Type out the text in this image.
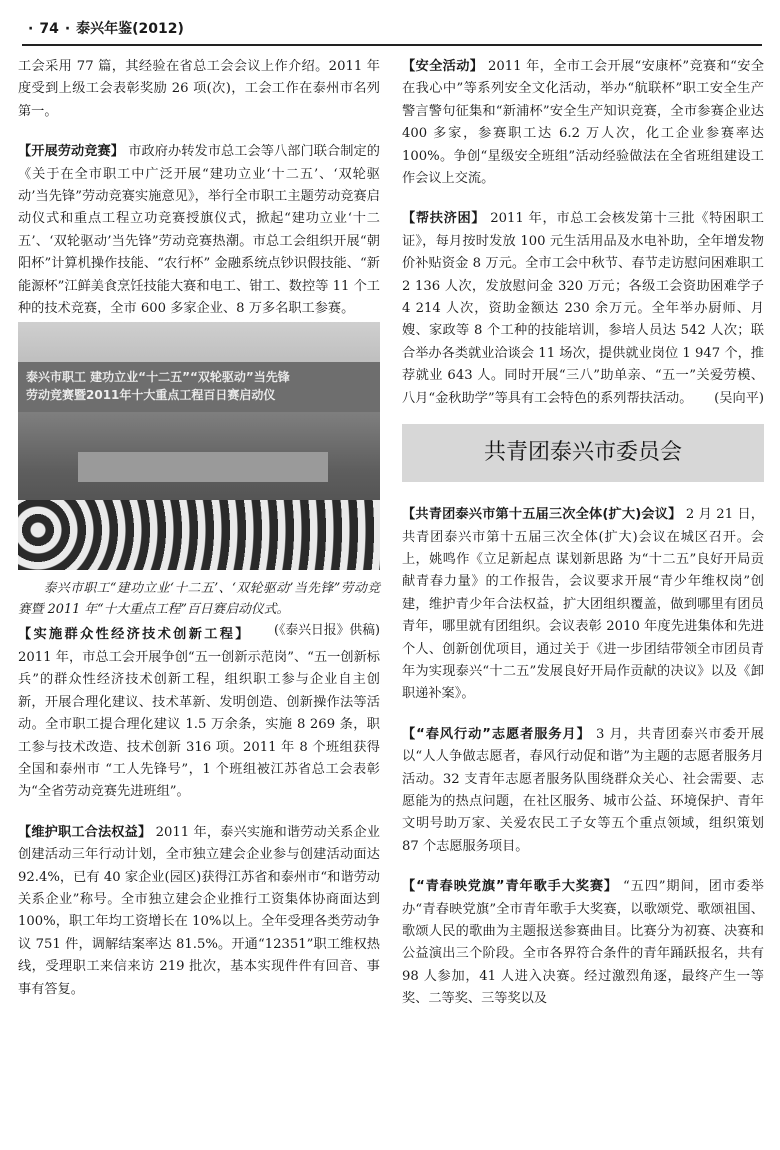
· 74 · 泰兴年鉴(2012)

工会采用 77 篇，其经验在省总工会会议上作介绍。2011 年度受到上级工会表彰奖励 26 项(次)，工会工作在泰州市名列第一。

【开展劳动竞赛】 市政府办转发市总工会等八部门联合制定的《关于在全市职工中广泛开展“建功立业‘十二五’、‘双轮驱动’当先锋”劳动竞赛实施意见》，举行全市职工主题劳动竞赛启动仪式和重点工程立功竞赛授旗仪式，掀起“建功立业‘十二五’、‘双轮驱动’当先锋”劳动竞赛热潮。市总工会组织开展“朝阳杯”计算机操作技能、“农行杯” 金融系统点钞识假技能、“新能源杯”江鲜美食烹饪技能大赛和电工、钳工、数控等 11 个工种的技术竞赛，全市 600 多家企业、8 万多名职工参赛。

泰兴市职工 建功立业“十二五”“双轮驱动”当先锋
劳动竞赛暨2011年十大重点工程百日赛启动仪

泰兴市职工“建功立业‘十二五’、‘双轮驱动’当先锋”劳动竞赛暨 2011 年“十大重点工程”百日赛启动仪式。
(《泰兴日报》供稿)

【实施群众性经济技术创新工程】 2011 年，市总工会开展争创“五一创新示范岗”、“五一创新标兵”的群众性经济技术创新工程，组织职工参与企业自主创新，开展合理化建议、技术革新、发明创造、创新操作法等活动。全市职工提合理化建议 1.5 万余条，实施 8 269 条，职工参与技术改造、技术创新 316 项。2011 年 8 个班组获得全国和泰州市 “工人先锋号”，1 个班组被江苏省总工会表彰为“全省劳动竞赛先进班组”。

【维护职工合法权益】 2011 年，泰兴实施和谐劳动关系企业创建活动三年行动计划，全市独立建会企业参与创建活动面达 92.4%，已有 40 家企业(园区)获得江苏省和泰州市“和谐劳动关系企业”称号。全市独立建会企业推行工资集体协商面达到 100%，职工年均工资增长在 10%以上。全年受理各类劳动争议 751 件，调解结案率达 81.5%。开通“12351”职工维权热线，受理职工来信来访 219 批次，基本实现件件有回音、事事有答复。

【安全活动】 2011 年，全市工会开展“安康杯”竞赛和“安全在我心中”等系列安全文化活动，举办“航联杯”职工安全生产警言警句征集和“新浦杯”安全生产知识竞赛，全市参赛企业达 400 多家，参赛职工达 6.2 万人次，化工企业参赛率达 100%。争创“星级安全班组”活动经验做法在全省班组建设工作会议上交流。

【帮扶济困】 2011 年，市总工会核发第十三批《特困职工证》，每月按时发放 100 元生活用品及水电补助，全年增发物价补贴资金 8 万元。全市工会中秋节、春节走访慰问困难职工 2 136 人次，发放慰问金 320 万元；各级工会资助困难学子 4 214 人次，资助金额达 230 余万元。全年举办厨师、月嫂、家政等 8 个工种的技能培训，参培人员达 542 人次；联合举办各类就业洽谈会 11 场次，提供就业岗位 1 947 个，推荐就业 643 人。同时开展“三八”助单亲、“五一”关爱劳模、八月“金秋助学”等具有工会特色的系列帮扶活动。 (吴向平)

共青团泰兴市委员会

【共青团泰兴市第十五届三次全体(扩大)会议】 2 月 21 日，共青团泰兴市第十五届三次全体(扩大)会议在城区召开。会上，姚鸣作《立足新起点 谋划新思路 为“十二五”良好开局贡献青春力量》的工作报告，会议要求开展“青少年维权岗”创建，维护青少年合法权益，扩大团组织覆盖，做到哪里有团员青年，哪里就有团组织。会议表彰 2010 年度先进集体和先进个人、创新创优项目，通过关于《进一步团结带领全市团员青年为实现泰兴“十二五”发展良好开局作贡献的决议》以及《卸职递补案》。

【“春风行动”志愿者服务月】 3 月，共青团泰兴市委开展以“人人争做志愿者，春风行动促和谐”为主题的志愿者服务月活动。32 支青年志愿者服务队围绕群众关心、社会需要、志愿能为的热点问题，在社区服务、城市公益、环境保护、青年文明号助万家、关爱农民工子女等五个重点领域，组织策划 87 个志愿服务项目。

【“青春映党旗”青年歌手大奖赛】 “五四”期间，团市委举办“青春映党旗”全市青年歌手大奖赛，以歌颂党、歌颂祖国、歌颂人民的歌曲为主题报送参赛曲目。比赛分为初赛、决赛和公益演出三个阶段。全市各界符合条件的青年踊跃报名，共有 98 人参加，41 人进入决赛。经过激烈角逐，最终产生一等奖、二等奖、三等奖以及
